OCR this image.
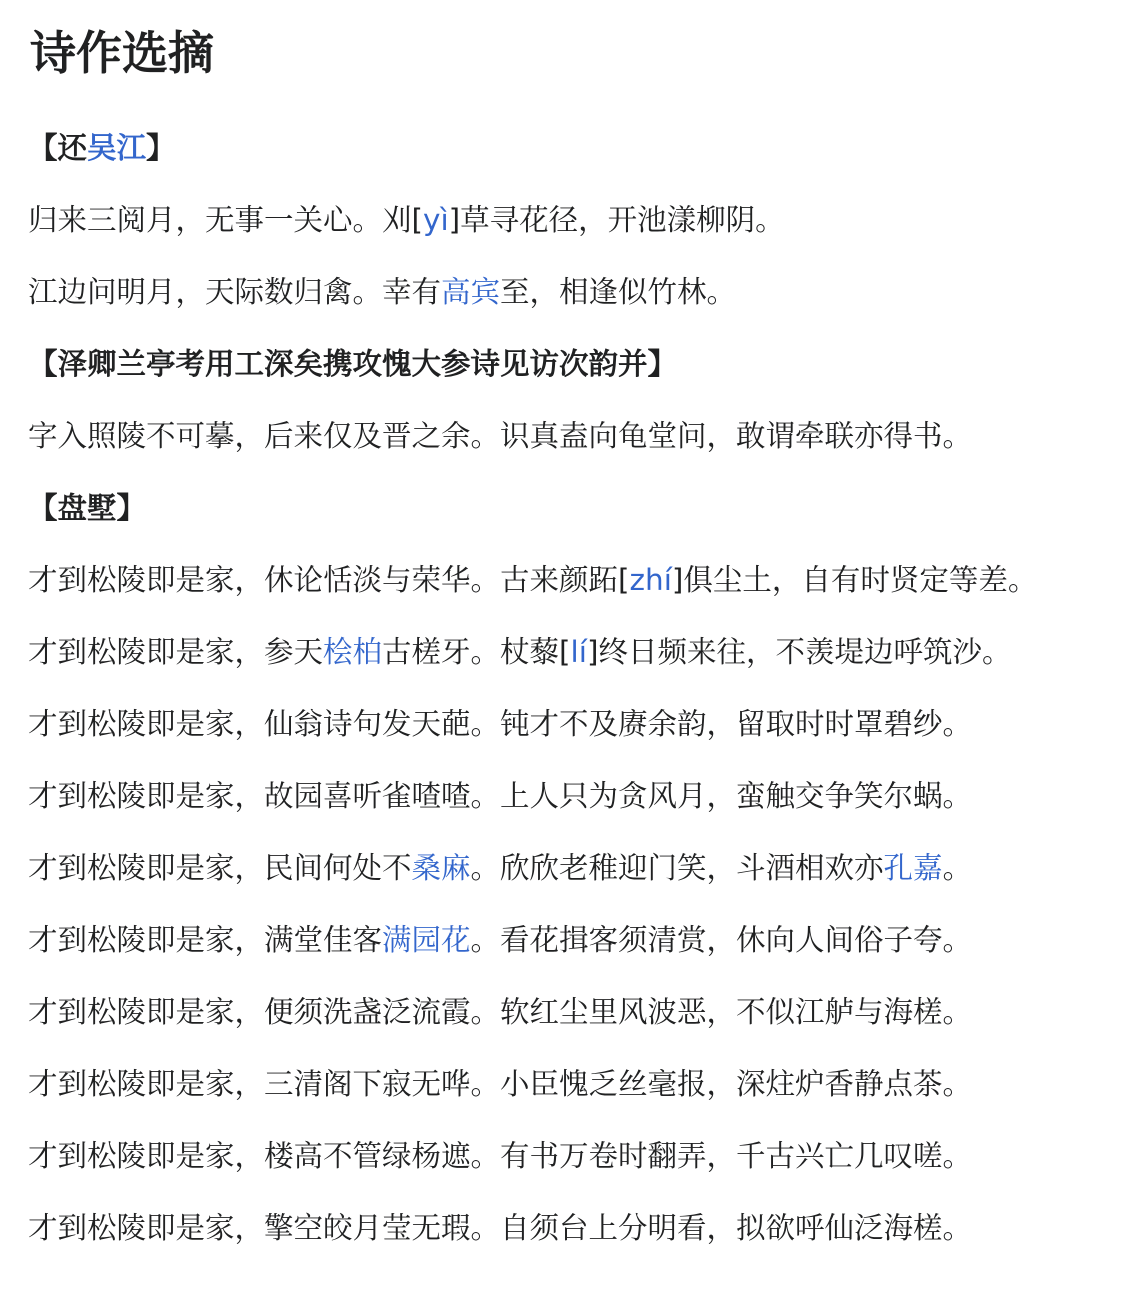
诗作选摘

【还吴江】

归来三阅月，无事一关心。刈[yì]草寻花径，开池漾柳阴。

江边问明月，天际数归禽。幸有高宾至，相逢似竹林。

【泽卿兰亭考用工深矣携攻愧大参诗见访次韵并】

字入照陵不可摹，后来仅及晋之余。识真盍向龟堂问，敢谓牵联亦得书。

【盘墅】

才到松陵即是家，休论恬淡与荣华。古来颜跖[zhí]俱尘土，自有时贤定等差。

才到松陵即是家，参天桧柏古槎牙。杖藜[lí]终日频来往，不羡堤边呼筑沙。

才到松陵即是家，仙翁诗句发天葩。钝才不及赓余韵，留取时时罩碧纱。

才到松陵即是家，故园喜听雀喳喳。上人只为贪风月，蛮触交争笑尔蜗。

才到松陵即是家，民间何处不桑麻。欣欣老稚迎门笑，斗酒相欢亦孔嘉。

才到松陵即是家，满堂佳客满园花。看花揖客须清赏，休向人间俗子夸。

才到松陵即是家，便须洗盏泛流霞。软红尘里风波恶，不似江舻与海槎。

才到松陵即是家，三清阁下寂无哗。小臣愧乏丝毫报，深炷炉香静点茶。

才到松陵即是家，楼高不管绿杨遮。有书万卷时翻弄，千古兴亡几叹嗟。

才到松陵即是家，擎空皎月莹无瑕。自须台上分明看，拟欲呼仙泛海槎。
